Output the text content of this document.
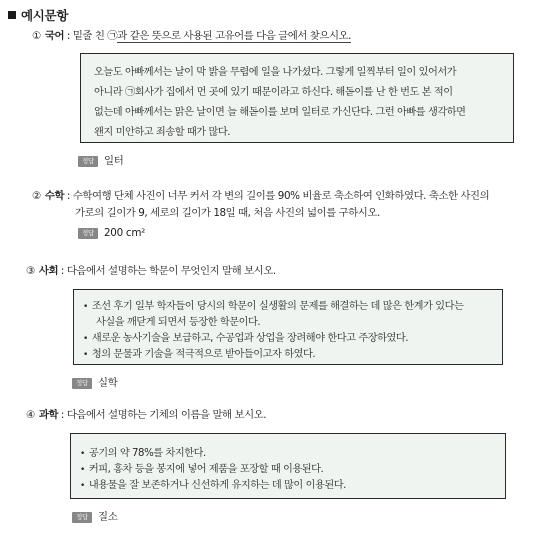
예시문항
① 국어 : 밑줄 친 ㉠과 같은 뜻으로 사용된 고유어를 다음 글에서 찾으시오.
오늘도 아빠께서는 날이 막 밝을 무렵에 일을 나가셨다. 그렇게 일찍부터 일이 있어서가
아니라 ㉠회사가 집에서 먼 곳에 있기 때문이라고 하신다. 해돋이를 난 한 번도 본 적이
없는데 아빠께서는 맑은 날이면 늘 해돋이를 보며 일터로 가신단다. 그런 아빠를 생각하면
왠지 미안하고 죄송할 때가 많다.
정답 일터
② 수학 : 수학여행 단체 사진이 너무 커서 각 변의 길이를 90% 비율로 축소하여 인화하였다. 축소한 사진의
가로의 길이가 9, 세로의 길이가 18일 때, 처음 사진의 넓이를 구하시오.
정답 200 cm²
③ 사회 : 다음에서 설명하는 학문이 무엇인지 말해 보시오.
• 조선 후기 일부 학자들이 당시의 학문이 실생활의 문제를 해결하는 데 많은 한계가 있다는
사실을 깨닫게 되면서 등장한 학문이다.
• 새로운 농사기술을 보급하고, 수공업과 상업을 장려해야 한다고 주장하였다.
• 청의 문물과 기술을 적극적으로 받아들이고자 하였다.
정답 실학
④ 과학 : 다음에서 설명하는 기체의 이름을 말해 보시오.
• 공기의 약 78%를 차지한다.
• 커피, 홍차 등을 봉지에 넣어 제품을 포장할 때 이용된다.
• 내용물을 잘 보존하거나 신선하게 유지하는 데 많이 이용된다.
정답 질소
